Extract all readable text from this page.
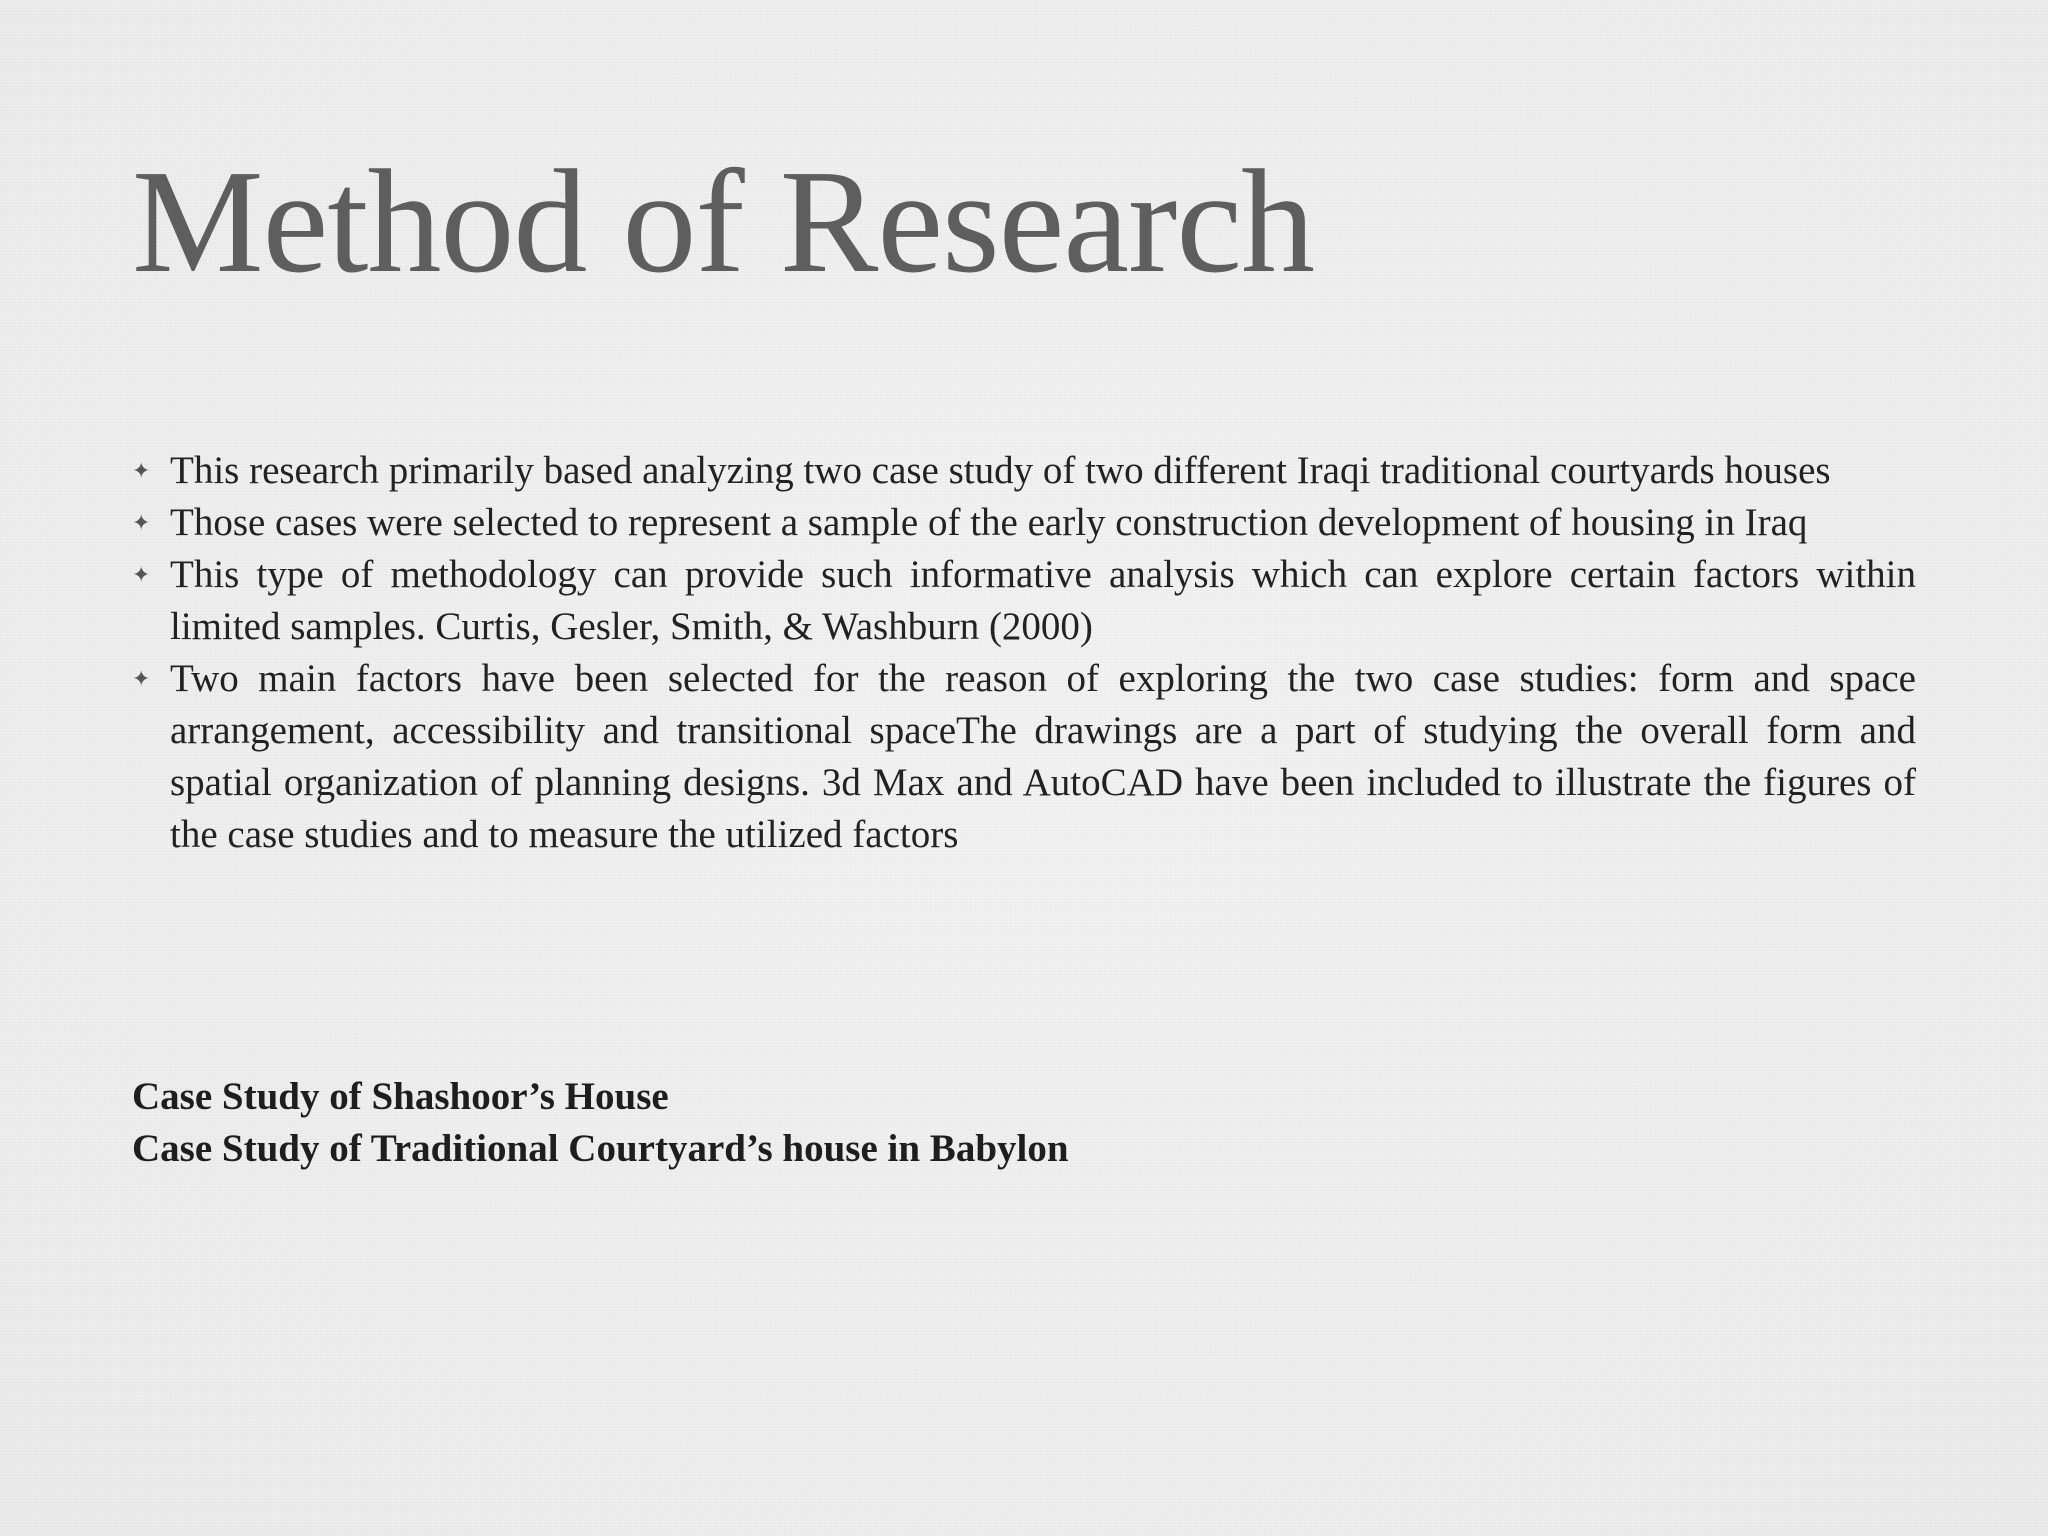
Method of Research
✦ This research primarily based analyzing two case study of two different Iraqi traditional courtyards houses
✦ Those cases were selected to represent a sample of the early construction development of housing in Iraq
✦ This type of methodology can provide such informative analysis which can explore certain factors within limited samples. Curtis, Gesler, Smith, & Washburn (2000)
✦ Two main factors have been selected for the reason of exploring the two case studies: form and space arrangement, accessibility and transitional spaceThe drawings are a part of studying the overall form and spatial organization of planning designs. 3d Max and AutoCAD have been included to illustrate the figures of the case studies and to measure the utilized factors
Case Study of Shashoor’s House
Case Study of Traditional Courtyard’s house in Babylon
